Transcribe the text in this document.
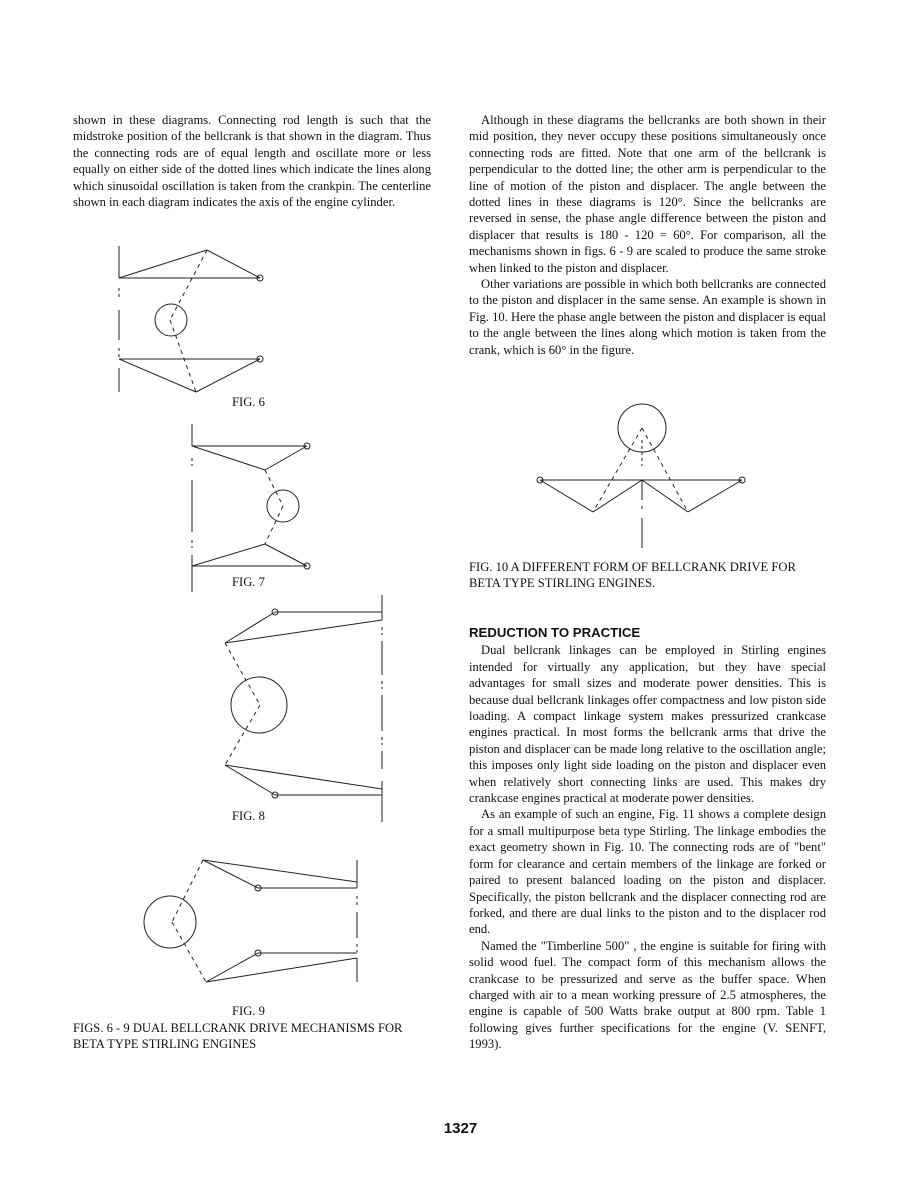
shown in these diagrams. Connecting rod length is such that the midstroke position of the bellcrank is that shown in the diagram. Thus the connecting rods are of equal length and oscillate more or less equally on either side of the dotted lines which indicate the lines along which sinusoidal oscillation is taken from the crankpin. The centerline shown in each diagram indicates the axis of the engine cylinder.

FIG. 6
FIG. 7
FIG. 8
FIG. 9
FIGS. 6 - 9 DUAL BELLCRANK DRIVE MECHANISMS FOR BETA TYPE STIRLING ENGINES

Although in these diagrams the bellcranks are both shown in their mid position, they never occupy these positions simultaneously once connecting rods are fitted. Note that one arm of the bellcrank is perpendicular to the dotted line; the other arm is perpendicular to the line of motion of the piston and displacer. The angle between the dotted lines in these diagrams is 120°. Since the bellcranks are reversed in sense, the phase angle difference between the piston and displacer that results is 180 - 120 = 60°. For comparison, all the mechanisms shown in figs. 6 - 9 are scaled to produce the same stroke when linked to the piston and displacer.

Other variations are possible in which both bellcranks are connected to the piston and displacer in the same sense. An example is shown in Fig. 10. Here the phase angle between the piston and displacer is equal to the angle between the lines along which motion is taken from the crank, which is 60° in the figure.

FIG. 10 A DIFFERENT FORM OF BELLCRANK DRIVE FOR BETA TYPE STIRLING ENGINES.
REDUCTION TO PRACTICE

Dual bellcrank linkages can be employed in Stirling engines intended for virtually any application, but they have special advantages for small sizes and moderate power densities. This is because dual bellcrank linkages offer compactness and low piston side loading. A compact linkage system makes pressurized crankcase engines practical. In most forms the bellcrank arms that drive the piston and displacer can be made long relative to the oscillation angle; this imposes only light side loading on the piston and displacer even when relatively short connecting links are used. This makes dry crankcase engines practical at moderate power densities.

As an example of such an engine, Fig. 11 shows a complete design for a small multipurpose beta type Stirling. The linkage embodies the exact geometry shown in Fig. 10. The connecting rods are of "bent" form for clearance and certain members of the linkage are forked or paired to present balanced loading on the piston and displacer. Specifically, the piston bellcrank and the displacer connecting rod are forked, and there are dual links to the piston and to the displacer rod end.

Named the "Timberline 500" , the engine is suitable for firing with solid wood fuel. The compact form of this mechanism allows the crankcase to be pressurized and serve as the buffer space. When charged with air to a mean working pressure of 2.5 atmospheres, the engine is capable of 500 Watts brake output at 800 rpm. Table 1 following gives further specifications for the engine (V. SENFT, 1993).

1327
